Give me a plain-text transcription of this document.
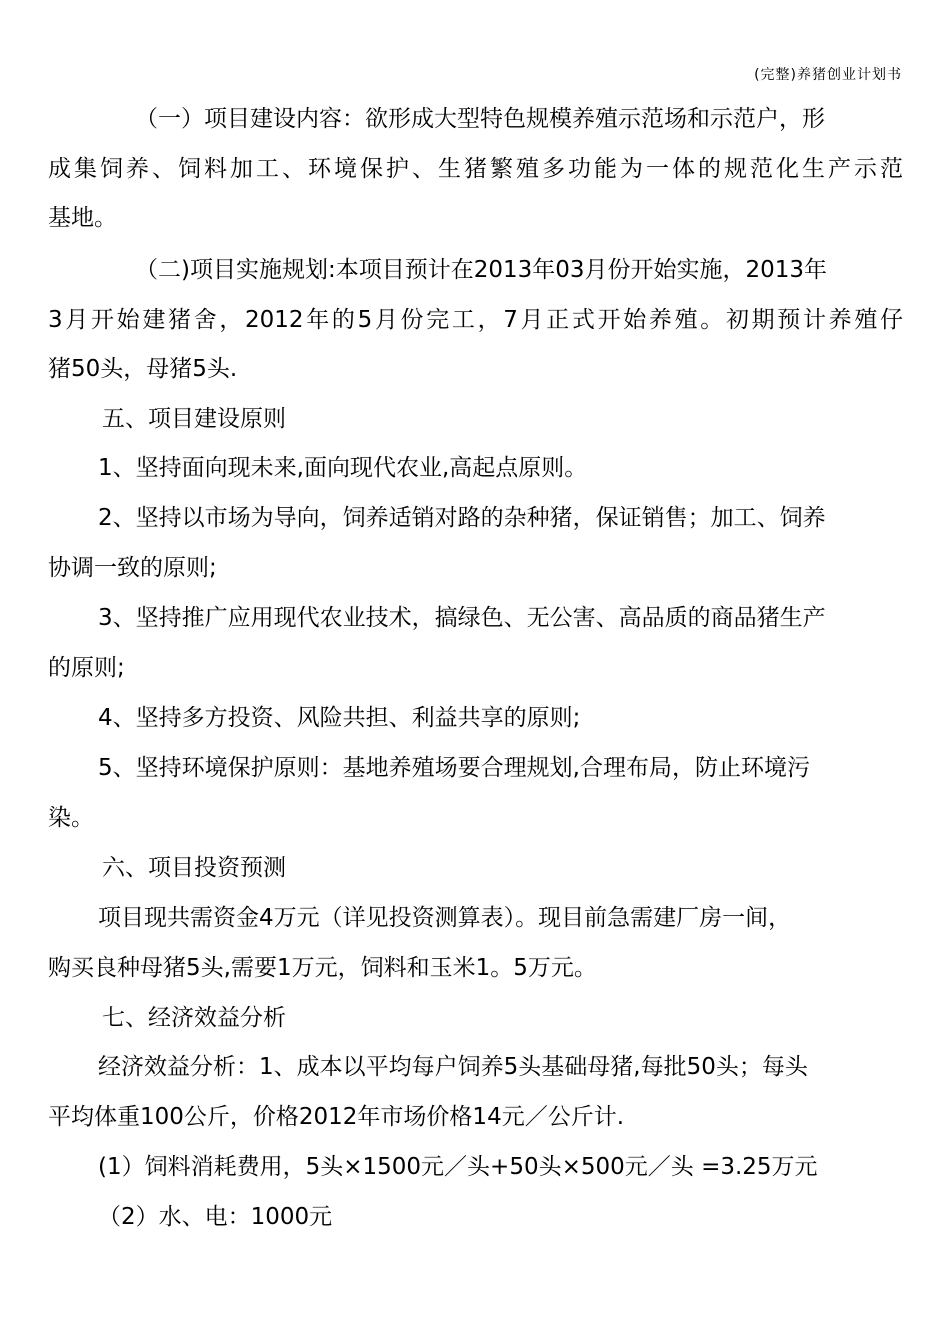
(完整)养猪创业计划书
（一）项目建设内容：欲形成大型特色规模养殖示范场和示范户，形
成集饲养、饲料加工、环境保护、生猪繁殖多功能为一体的规范化生产示范
基地。
（二)项目实施规划:本项目预计在2013年03月份开始实施，2013年
3月开始建猪舍，2012年的5月份完工，7月正式开始养殖。初期预计养殖仔
猪50头，母猪5头.
五、项目建设原则
1、坚持面向现未来,面向现代农业,高起点原则。
2、坚持以市场为导向，饲养适销对路的杂种猪，保证销售；加工、饲养
协调一致的原则;
3、坚持推广应用现代农业技术，搞绿色、无公害、高品质的商品猪生产
的原则;
4、坚持多方投资、风险共担、利益共享的原则;
5、坚持环境保护原则：基地养殖场要合理规划,合理布局，防止环境污
染。
六、项目投资预测
项目现共需资金4万元（详见投资测算表）。现目前急需建厂房一间，
购买良种母猪5头,需要1万元，饲料和玉米1。5万元。
七、经济效益分析
经济效益分析：1、成本以平均每户饲养5头基础母猪,每批50头；每头
平均体重100公斤，价格2012年市场价格14元／公斤计.
(1）饲料消耗费用，5头×1500元／头+50头×500元／头 =3.25万元
（2）水、电：1000元
